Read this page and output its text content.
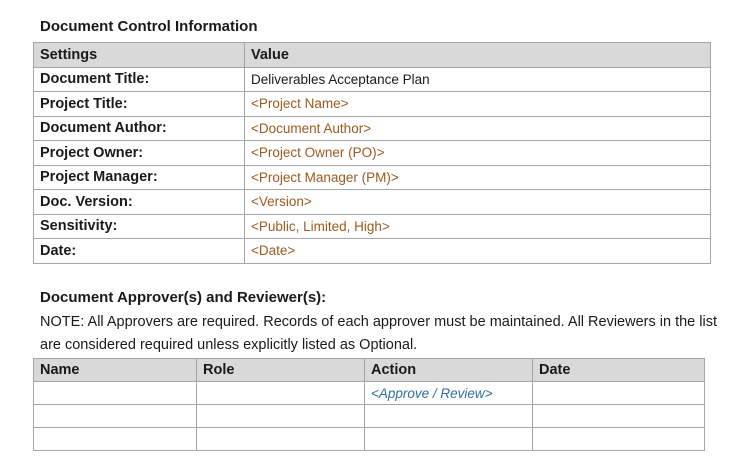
Document Control Information
Settings	Value
Document Title:	Deliverables Acceptance Plan
Project Title:	<Project Name>
Document Author:	<Document Author>
Project Owner:	<Project Owner (PO)>
Project Manager:	<Project Manager (PM)>
Doc. Version:	<Version>
Sensitivity:	<Public, Limited, High>
Date:	<Date>
Document Approver(s) and Reviewer(s):
NOTE: All Approvers are required. Records of each approver must be maintained. All Reviewers in the list are considered required unless explicitly listed as Optional.
Name	Role	Action	Date
		<Approve / Review>	
